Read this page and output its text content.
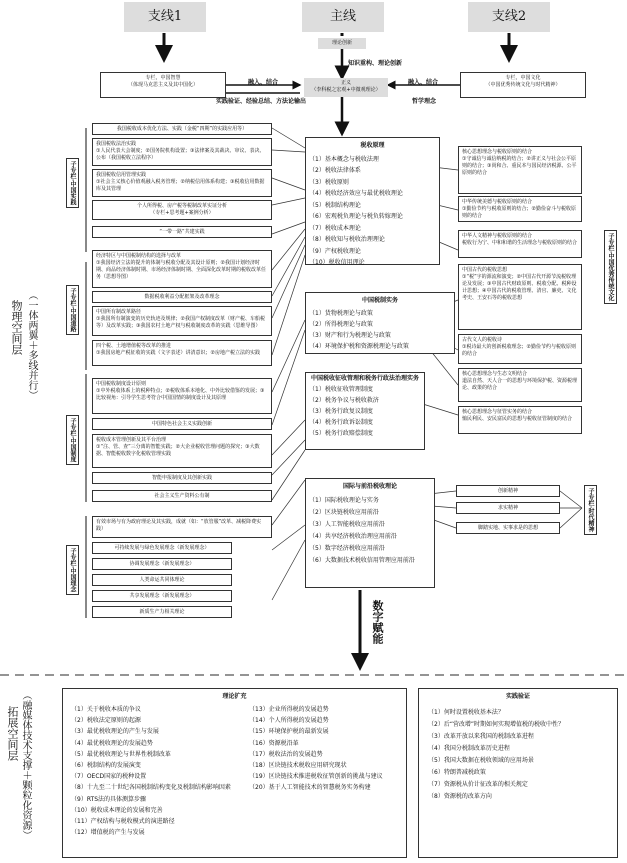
支线1	主线	支线2
理论创新
知识重构、理论创新
专栏，中国智慧
（体现马克思主义及其中国化）
专栏，中国文化
（中国优秀传统文化与时代精神）
正义
（李科税之宏观+中微观理论）
融入、结合
实践验证、经验总结、方法论输出
融入、结合
哲学理念
（一体两翼＋多线并行）
物理空间层
子专栏·中国实践
子专栏·中国道路
子专栏·中国制度
子专栏·中国理念
我国税收成本优化方法、实践（金税“四期”的实践应用等）
我国税收法治实践
①人民代表大会制度；②国务院机构设置；③法律案及其裁决、审议、表决、公布（我国税收立法程序）
我国税收信用管理实践
①社会主义核心价值观融入税务管理；②纳税信用体系构建；③税收信用数据库及其管理
个人所得税、房产税等税制改革实证分析
（专栏+思考题+案例分析）
“一带一路”共建实践
经济特区与中国税制结构的选择与改革
①我国经济立法的提升的体制与税收分配及其设计原则；②我国计划经济时期、商品经济体制时期、市场经济体制时期、全面深化改革时期的税收改革任务（思想导图）
数据税收利益分配框架及改革理念
中国所有制改革路径
①我国所有制演变的历史轨迹及规律；②我国产权制度改革（财产税、车船税等）及改革实践；③我国农村土地产权与税收制度改革的实践（思维导图）
四个税、土地增值税等改革的推进
①我国房地产税征收的实践（文字表述）讲清意识；②房地产税立法的实践
中国税收制度设计原则
①中外税收体系上的税种特点；②税收体系本地化、中外比较借鉴的发展；③比较视角：引导学生思考符合中国国情的制度设计及其原理
中国特色社会主义实践创新
税收成本管理创新及其平台治理
①“注、管、查”三分离的智能实践；②大企业税收管理问题的探究；③大数据、智能税收数字化税收管理实践
智能申报制度及其创新实践
社会主义生产资料公有制
有效市场与有为政府理论及其实践，成就（如：“放管服”改革、减税降费实践）
可持续发展与绿色发展理念（新发展理念）
协调发展理念（新发展理念）
人类命运共同体理论
共享发展理念（新发展理念）
新质生产力相关理论
税收原理
（1）基本概念与税收法理
（2）税收法律体系
（3）税收原则
（4）税收经济效应与最优税收理论
（5）税制结构理论
（6）宏观税负理论与税负转嫁理论
（7）税收成本理论
（8）税收知与税收治理理论
（9）产权税收理论
（10）税收信用理论
中国税制实务
（1）货物税理论与政策
（2）所得税理论与政策
（3）财产和行为税理论与政策
（4）环境保护税和资源税理论与政策
中国税收征收管理和税务行政法治理实务
（1）税收征收管理制度
（2）税务争议与税收救济
（3）税务行政复议制度
（4）税务行政诉讼制度
（5）税务行政赔偿制度
国际与前沿税收理论
（1）国际税收理论与实务
（2）区块链税收应用前沿
（3）人工智能税收应用前沿
（4）共享经济税收治理应用前沿
（5）数字经济税收应用前沿
（6）大数据技术税收信用管理应用前沿
核心思想理念与税收原则的结合
①守诚信与诚信纳税的结合；②讲正义与社会公平原则的结合；③尚和合、重民本与国民经济税源、公平原则的结合
中华传统美德与税收原则的结合
①勤俭节约与税收原则的结合；②勤俭奋斗与税收原则的结合
中华人文精神与税收原则的结合
税收行为宁、中和和谐的生活理念与税收原则的结合
中国古代的税收思想
①“税”字的源流和演变；②中国古代开源节流税收理论及发展；③中国古代财政原则、税收分配、税种设计思想；④中国古代的税收管理、清官、廉吏、文化考史、王安石等的税收思想
古代文人的税收诗
①税诗最大的创新税收理念；②勤俭节约与税收原则的结合
核心思想理念与生态文明结合
道法自然、天人合一的思想与环境保护税、资源税理论、政策的结合
核心思想理念与征管实务的结合
恤民利民、安民富民的思想与税收征管制度的结合
子专栏·中国优秀传统文化
创新精神
求实精神
脚踏实地、实事求是的思想	子专栏·时代精神
数字赋能
（融媒体技术支撑＋颗粒化资源）
拓展空间层
理论扩充
（1）关于税收本质的争议
（2）税收法定原则的起源
（3）最优税收理论的产生与发展
（4）最优税收理论的发展趋势
（5）最优税收理论与世界性税制改革
（6）税制结构的发展演变
（7）OECD国家的税种设置
（8）十九至二十世纪各国税制结构变化及税制结构影响因素
（9）RTS法的具体测算步骤
（10）税收成本理论的发展和完善
（11）产权结构与税收模式的演进路径
（12）增值税的产生与发展
（13）企业所得税的发展趋势
（14）个人所得税的发展趋势
（15）环境保护税的最新发展
（16）资源税沿革
（17）税收法治的发展趋势
（18）区块链技术税收应用研究现状
（19）区块链技术推进税收征管创新的挑战与建议
（20）基于人工智能技术的智慧税务实务构建
实践验证
（1）何时设置税收基本法？
（2）后“营改增”时期如何实现增值税的税收中性？
（3）改革开放以来我国的税制改革进程
（4）我国分税制改革历史进程
（5）我国大数据在税收领域的应用场景
（6）特朗普减税政策
（7）资源税从价计征改革的相关规定
（8）资源税的改革方向
